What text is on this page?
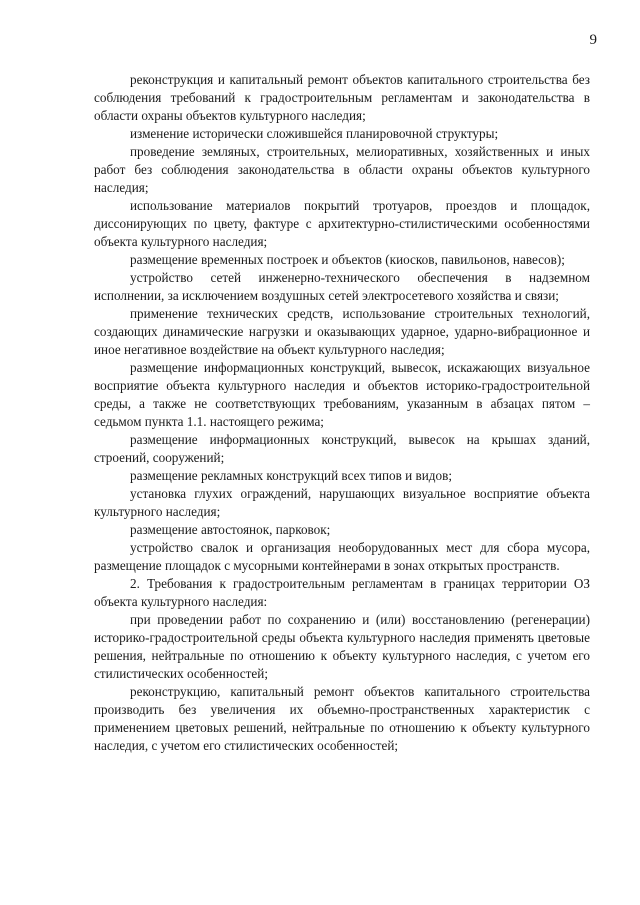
9

реконструкция и капитальный ремонт объектов капитального строительства без соблюдения требований к градостроительным регламентам и законодательства в области охраны объектов культурного наследия;

изменение исторически сложившейся планировочной структуры;

проведение земляных, строительных, мелиоративных, хозяйственных и иных работ без соблюдения законодательства в области охраны объектов культурного наследия;

использование материалов покрытий тротуаров, проездов и площадок, диссонирующих по цвету, фактуре с архитектурно-стилистическими особенностями объекта культурного наследия;

размещение временных построек и объектов (киосков, павильонов, навесов);

устройство сетей инженерно-технического обеспечения в надземном исполнении, за исключением воздушных сетей электросетевого хозяйства и связи;

применение технических средств, использование строительных технологий, создающих динамические нагрузки и оказывающих ударное, ударно-вибрационное и иное негативное воздействие на объект культурного наследия;

размещение информационных конструкций, вывесок, искажающих визуальное восприятие объекта культурного наследия и объектов историко-градостроительной среды, а также не соответствующих требованиям, указанным в абзацах пятом – седьмом пункта 1.1. настоящего режима;

размещение информационных конструкций, вывесок на крышах зданий, строений, сооружений;

размещение рекламных конструкций всех типов и видов;

установка глухих ограждений, нарушающих визуальное восприятие объекта культурного наследия;

размещение автостоянок, парковок;

устройство свалок и организация необорудованных мест для сбора мусора, размещение площадок с мусорными контейнерами в зонах открытых пространств.

2. Требования к градостроительным регламентам в границах территории ОЗ объекта культурного наследия:

при проведении работ по сохранению и (или) восстановлению (регенерации) историко-градостроительной среды объекта культурного наследия применять цветовые решения, нейтральные по отношению к объекту культурного наследия, с учетом его стилистических особенностей;

реконструкцию, капитальный ремонт объектов капитального строительства производить без увеличения их объемно-пространственных характеристик с применением цветовых решений, нейтральные по отношению к объекту культурного наследия, с учетом его стилистических особенностей;
